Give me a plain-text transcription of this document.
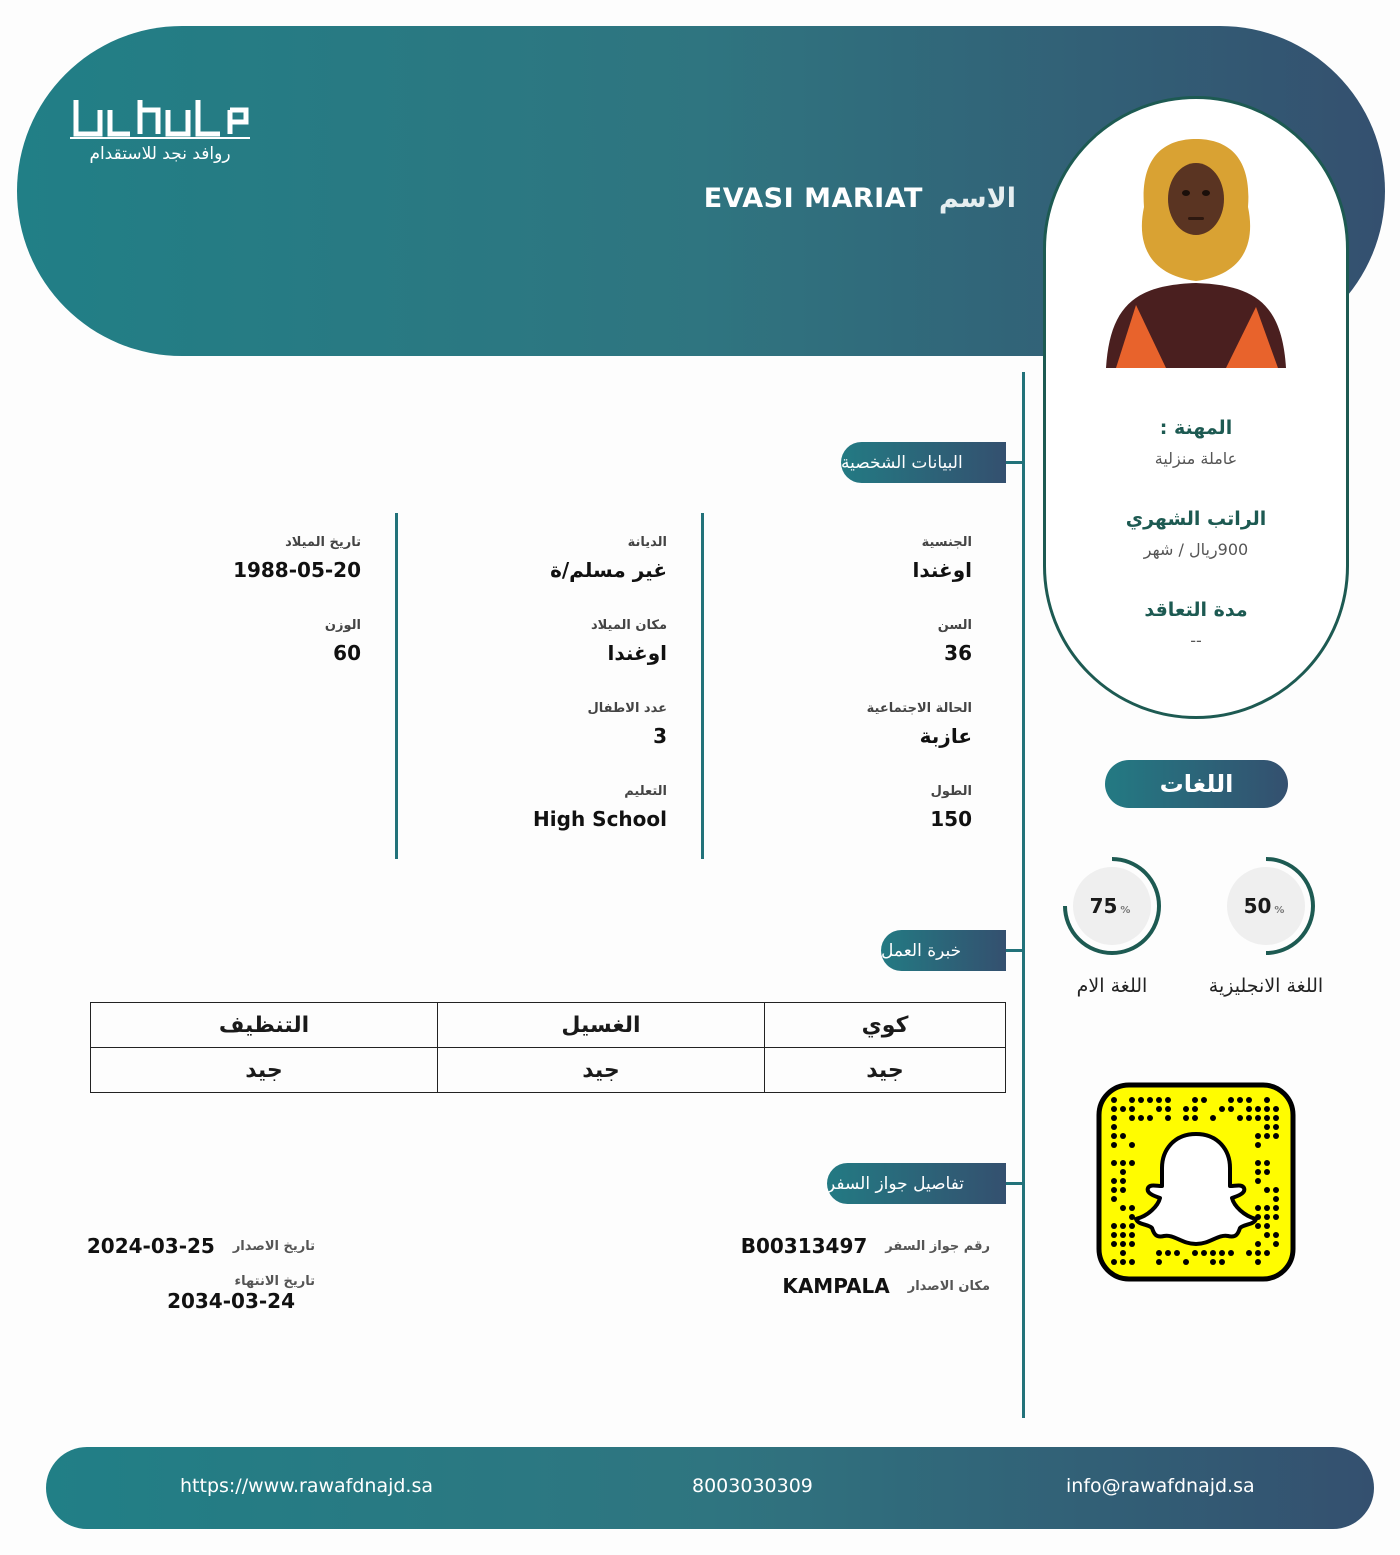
روافد نجد للاستقدام
EVASI MARIAT الاسم
المهنة :
عاملة منزلية
الراتب الشهري
900ريال / شهر
مدة التعاقد
--
البيانات الشخصية
الجنسية
اوغندا
السن
36
الحالة الاجتماعية
عازبة
الطول
150
الديانة
غير مسلم/ة
مكان الميلاد
اوغندا
عدد الاطفال
3
التعليم
High School
تاريخ الميلاد
1988-05-20
الوزن
60
خبرة العمل
كوي	الغسيل	التنظيف
جيد	جيد	جيد
تفاصيل جواز السفر
رقم جواز السفر
B00313497
مكان الاصدار
KAMPALA
تاريخ الاصدار
2024-03-25
تاريخ الانتهاء
2034-03-24
اللغات
50 %
اللغة الانجليزية
75 %
اللغة الام
https://www.rawafdnajd.sa	8003030309	info@rawafdnajd.sa
